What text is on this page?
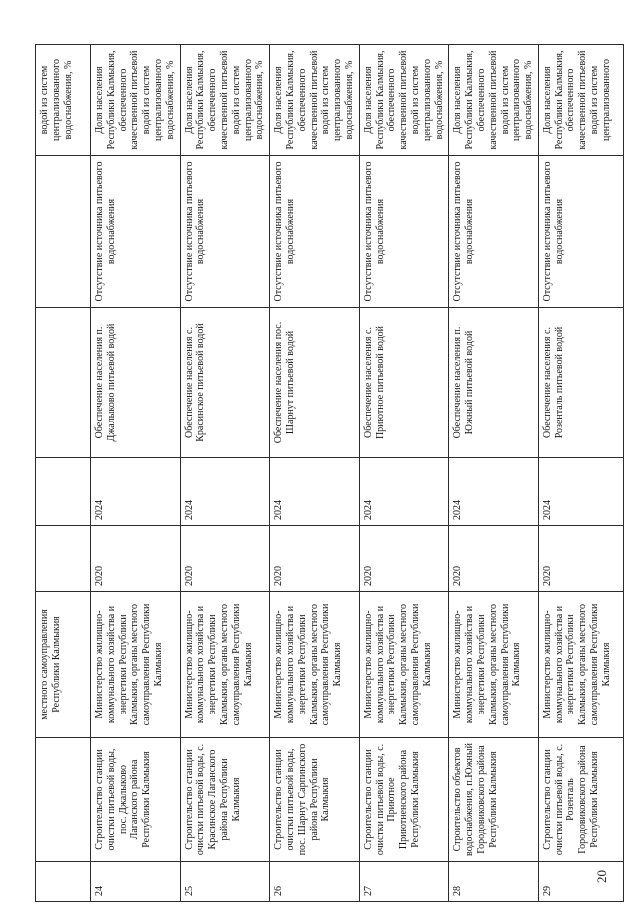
20
		местного самоуправления Республики Калмыкия					водой из систем централизованного водоснабжения, %
24	Строительство станции очистки питьевой воды, пос. Джалыково Лаганского района Республики Калмыкия	Министерство жилищно-коммунального хозяйства и энергетики Республики Калмыкия, органы местного самоуправления Республики Калмыкия	2020	2024	Обеспечение населения п. Джалыково питьевой водой	Отсутствие источника питьевого водоснабжения	Доля населения Республики Калмыкия, обеспеченного качественной питьевой водой из систем централизованного водоснабжения, %
25	Строительство станции очистки питьевой воды, с. Красинское Лаганского района Республики Калмыкия	Министерство жилищно-коммунального хозяйства и энергетики Республики Калмыкия, органы местного самоуправления Республики Калмыкия	2020	2024	Обеспечение населения с. Красинское питьевой водой	Отсутствие источника питьевого водоснабжения	Доля населения Республики Калмыкия, обеспеченного качественной питьевой водой из систем централизованного водоснабжения, %
26	Строительство станции очистки питьевой воды, пос. Шарнут Сарпинского района Республики Калмыкия	Министерство жилищно-коммунального хозяйства и энергетики Республики Калмыкия, органы местного самоуправления Республики Калмыкия	2020	2024	Обеспечение населения пос. Шарнут питьевой водой	Отсутствие источника питьевого водоснабжения	Доля населения Республики Калмыкия, обеспеченного качественной питьевой водой из систем централизованного водоснабжения, %
27	Строительство станции очистки питьевой воды, с. Приютное Приютненского района Республики Калмыкия	Министерство жилищно-коммунального хозяйства и энергетики Республики Калмыкия, органы местного самоуправления Республики Калмыкия	2020	2024	Обеспечение населения с. Приютное питьевой водой	Отсутствие источника питьевого водоснабжения	Доля населения Республики Калмыкия, обеспеченного качественной питьевой водой из систем централизованного водоснабжения, %
28	Строительство объектов водоснабжения, п.Южный Городовиковского района Республики Калмыкия	Министерство жилищно-коммунального хозяйства и энергетики Республики Калмыкия, органы местного самоуправления Республики Калмыкия	2020	2024	Обеспечение населения п. Южный питьевой водой	Отсутствие источника питьевого водоснабжения	Доля населения Республики Калмыкия, обеспеченного качественной питьевой водой из систем централизованного водоснабжения, %
29	Строительство станции очистки питьевой воды, с. Розенталь Городовиковского района Республики Калмыкия	Министерство жилищно-коммунального хозяйства и энергетики Республики Калмыкия, органы местного самоуправления Республики Калмыкия	2020	2024	Обеспечение населения с. Розенталь питьевой водой	Отсутствие источника питьевого водоснабжения	Доля населения Республики Калмыкия, обеспеченного качественной питьевой водой из систем централизованного
